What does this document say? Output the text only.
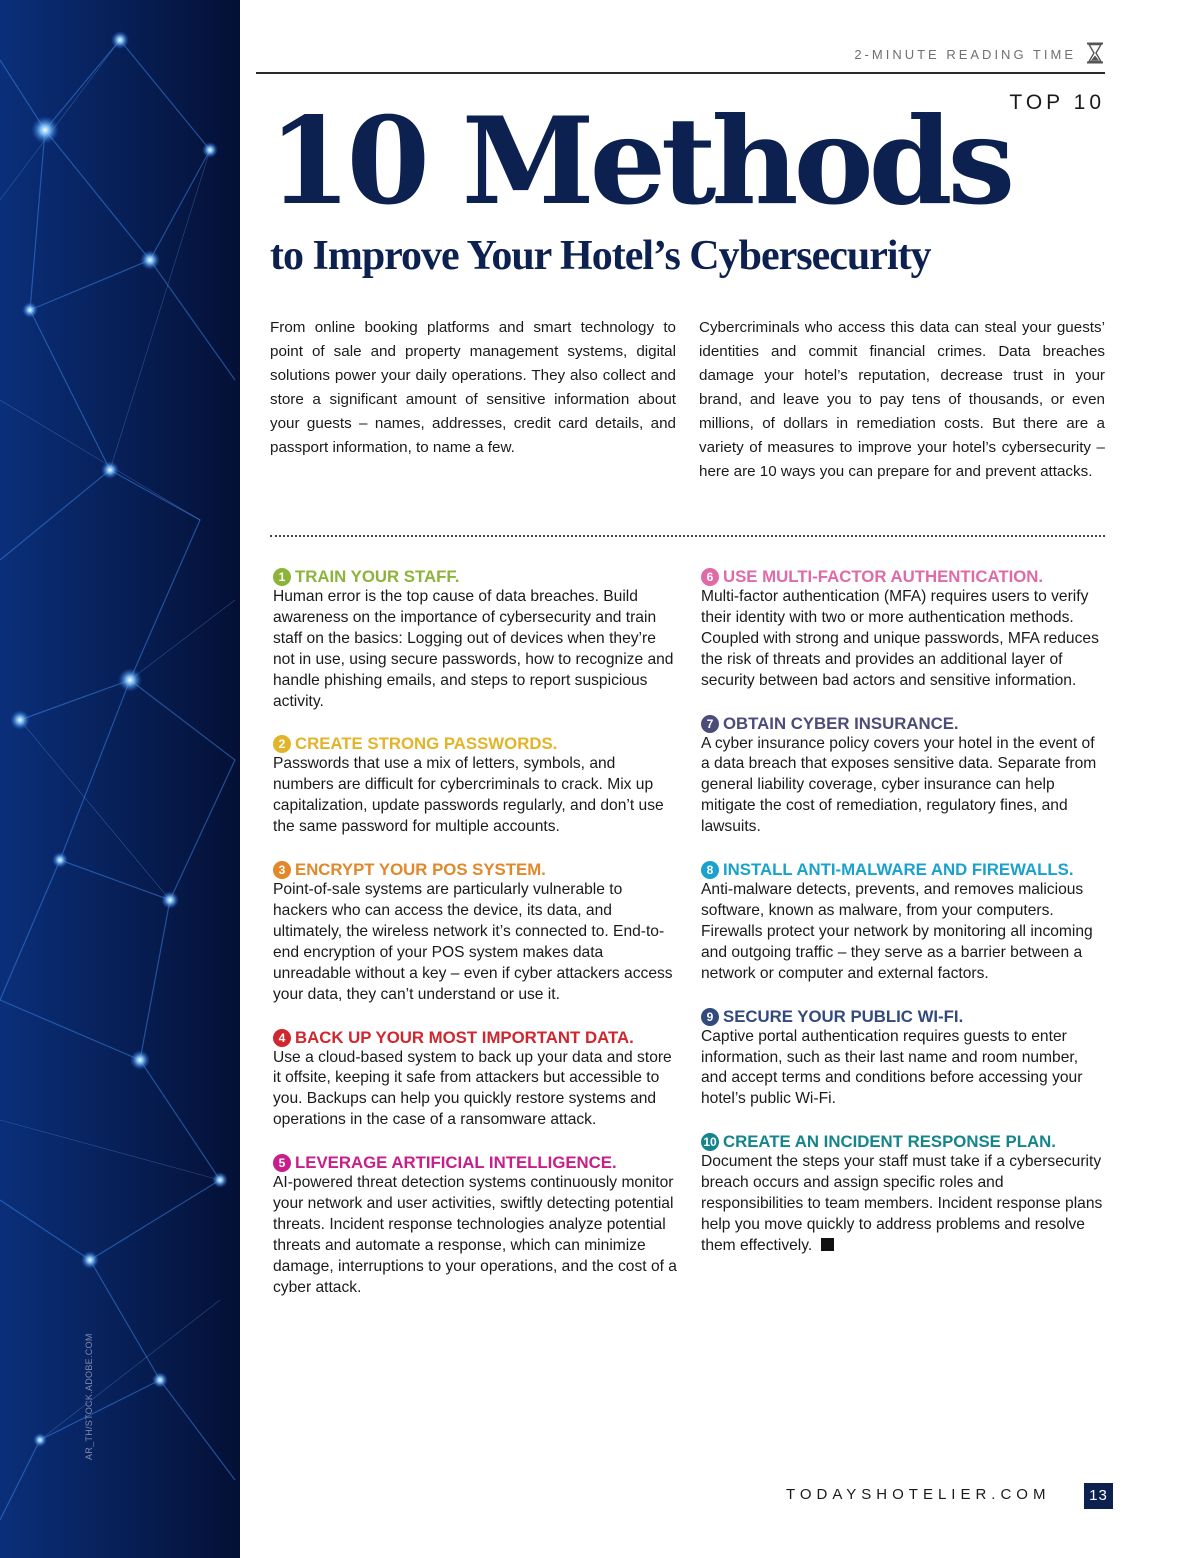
AR_TH/STOCK.ADOBE.COM
2-MINUTE READING TIME
TOP 10
10 Methods
to Improve Your Hotel’s Cybersecurity
From online booking platforms and smart technology to point of sale and property management systems, digital solutions power your daily operations. They also collect and store a significant amount of sensitive information about your guests – names, addresses, credit card details, and passport information, to name a few.
Cybercriminals who access this data can steal your guests’ identities and commit financial crimes. Data breaches damage your hotel’s reputation, decrease trust in your brand, and leave you to pay tens of thousands, or even millions, of dollars in remediation costs. But there are a variety of measures to improve your hotel’s cybersecurity – here are 10 ways you can prepare for and prevent attacks.
1 TRAIN YOUR STAFF.
Human error is the top cause of data breaches. Build awareness on the importance of cybersecurity and train staff on the basics: Logging out of devices when they’re not in use, using secure passwords, how to recognize and handle phishing emails, and steps to report suspicious activity.
2 CREATE STRONG PASSWORDS.
Passwords that use a mix of letters, symbols, and numbers are difficult for cybercriminals to crack. Mix up capitalization, update passwords regularly, and don’t use the same password for multiple accounts.
3 ENCRYPT YOUR POS SYSTEM.
Point-of-sale systems are particularly vulnerable to hackers who can access the device, its data, and ultimately, the wireless network it’s connected to. End-to-end encryption of your POS system makes data unreadable without a key – even if cyber attackers access your data, they can’t understand or use it.
4 BACK UP YOUR MOST IMPORTANT DATA.
Use a cloud-based system to back up your data and store it offsite, keeping it safe from attackers but accessible to you. Backups can help you quickly restore systems and operations in the case of a ransomware attack.
5 LEVERAGE ARTIFICIAL INTELLIGENCE.
AI-powered threat detection systems continuously monitor your network and user activities, swiftly detecting potential threats. Incident response technologies analyze potential threats and automate a response, which can minimize damage, interruptions to your operations, and the cost of a cyber attack.
6 USE MULTI-FACTOR AUTHENTICATION.
Multi-factor authentication (MFA) requires users to verify their identity with two or more authentication methods. Coupled with strong and unique passwords, MFA reduces the risk of threats and provides an additional layer of security between bad actors and sensitive information.
7 OBTAIN CYBER INSURANCE.
A cyber insurance policy covers your hotel in the event of a data breach that exposes sensitive data. Separate from general liability coverage, cyber insurance can help mitigate the cost of remediation, regulatory fines, and lawsuits.
8 INSTALL ANTI-MALWARE AND FIREWALLS.
Anti-malware detects, prevents, and removes malicious software, known as malware, from your computers. Firewalls protect your network by monitoring all incoming and outgoing traffic – they serve as a barrier between a network or computer and external factors.
9 SECURE YOUR PUBLIC WI-FI.
Captive portal authentication requires guests to enter information, such as their last name and room number, and accept terms and conditions before accessing your hotel’s public Wi-Fi.
10 CREATE AN INCIDENT RESPONSE PLAN.
Document the steps your staff must take if a cybersecurity breach occurs and assign specific roles and responsibilities to team members. Incident response plans help you move quickly to address problems and resolve them effectively.
TODAYSHOTELIER.COM	13
